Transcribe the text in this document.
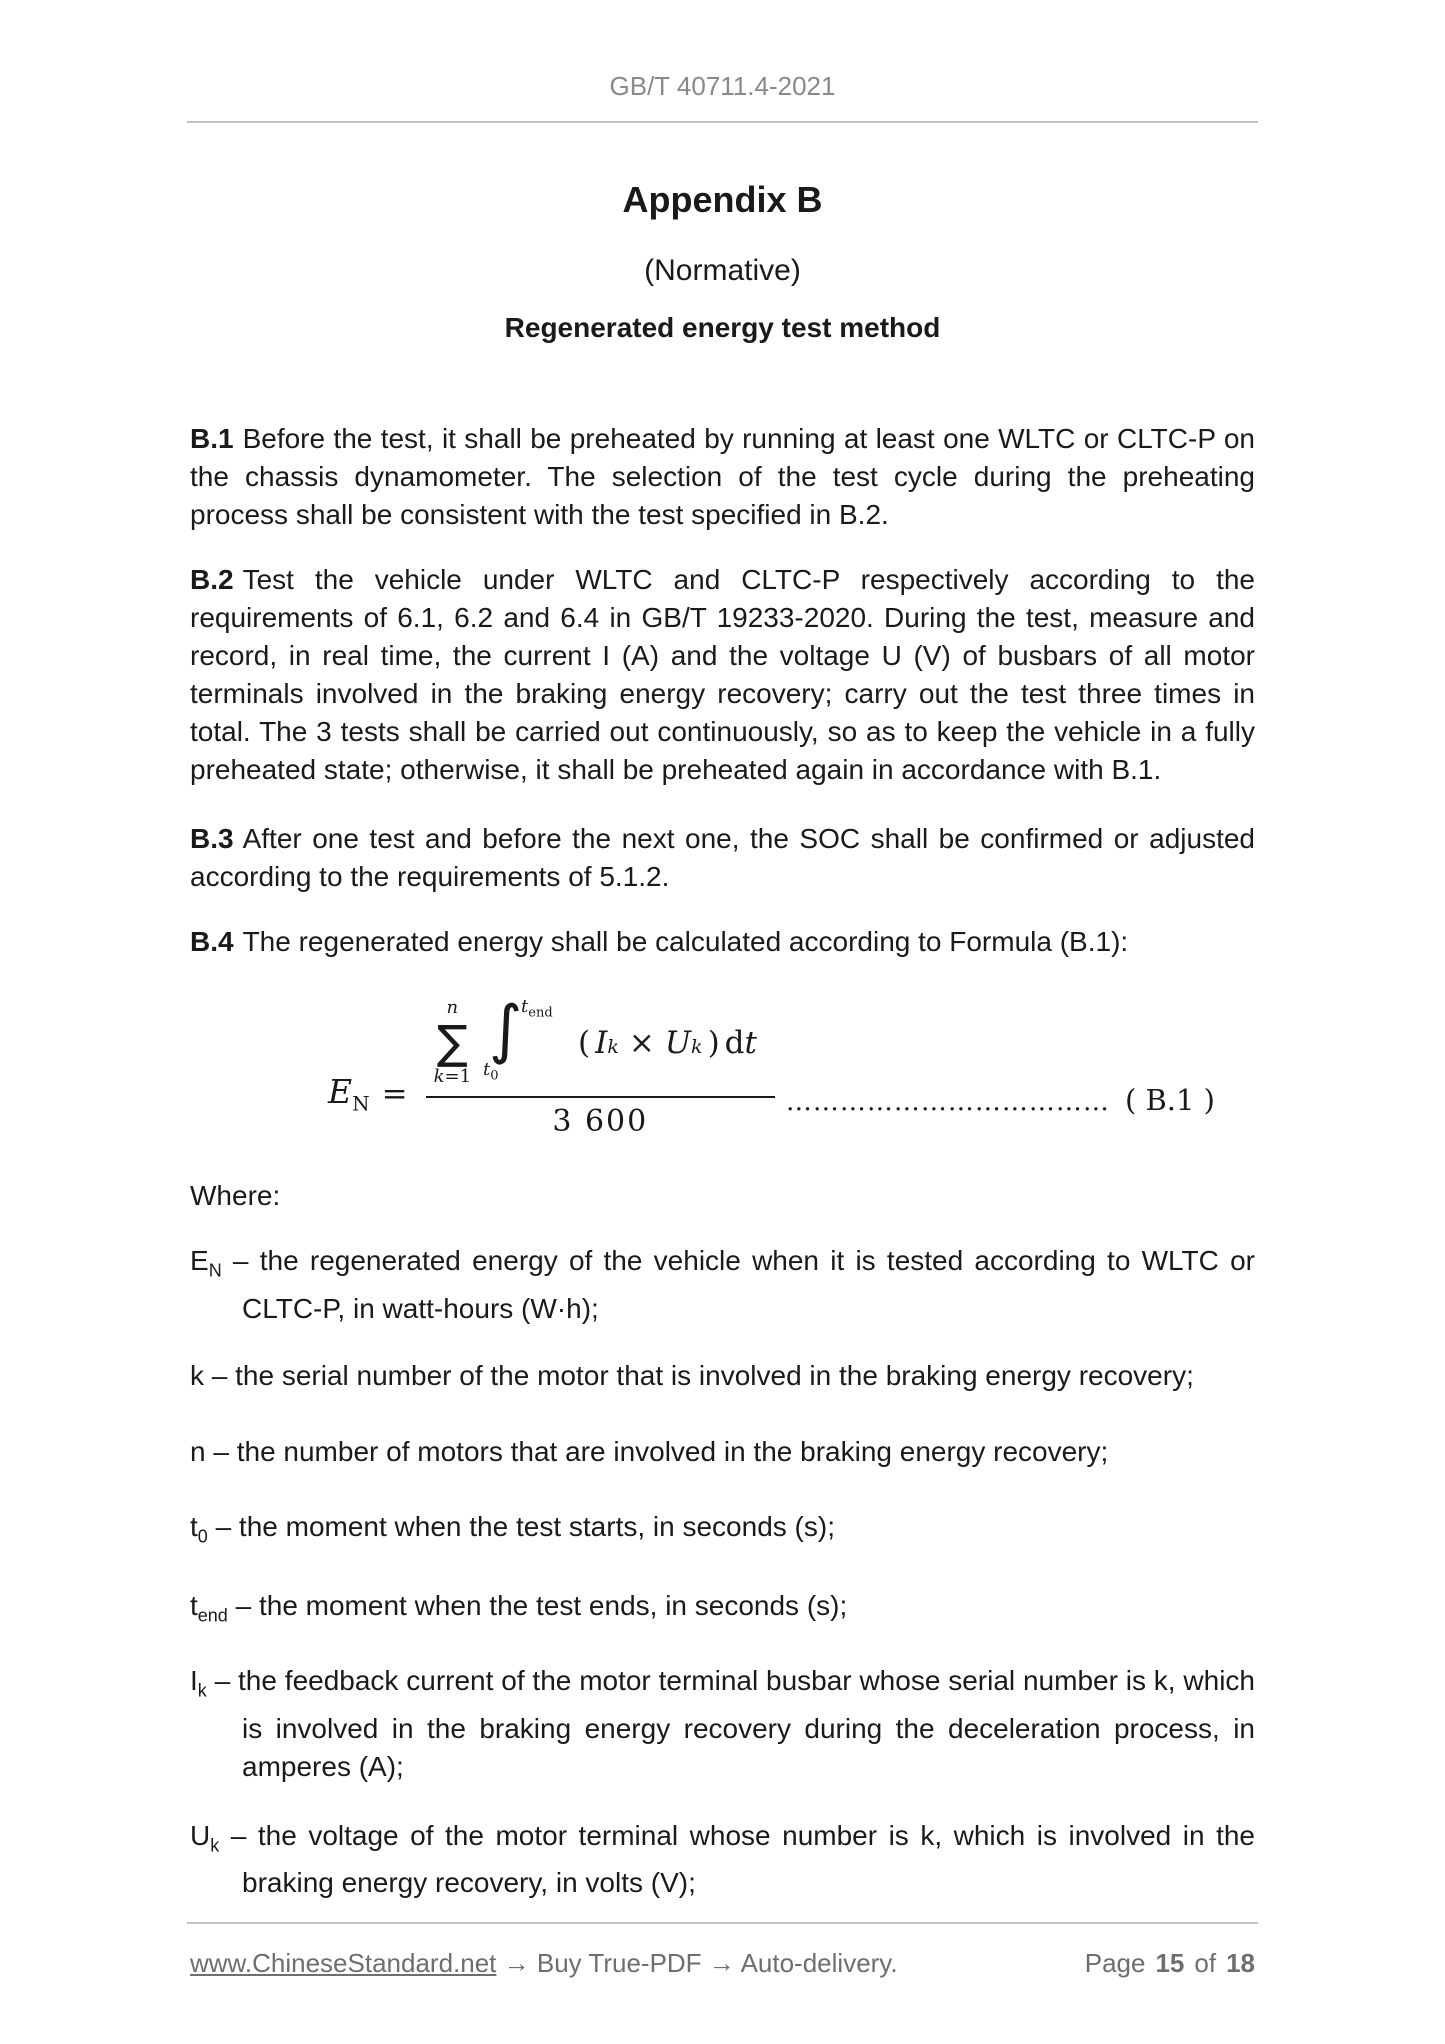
GB/T 40711.4-2021
Appendix B
(Normative)
Regenerated energy test method

B.1 Before the test, it shall be preheated by running at least one WLTC or CLTC-P on the chassis dynamometer. The selection of the test cycle during the preheating process shall be consistent with the test specified in B.2.

B.2 Test the vehicle under WLTC and CLTC-P respectively according to the requirements of 6.1, 6.2 and 6.4 in GB/T 19233-2020. During the test, measure and record, in real time, the current I (A) and the voltage U (V) of busbars of all motor terminals involved in the braking energy recovery; carry out the test three times in total. The 3 tests shall be carried out continuously, so as to keep the vehicle in a fully preheated state; otherwise, it shall be preheated again in accordance with B.1.

B.3 After one test and before the next one, the SOC shall be confirmed or adjusted according to the requirements of 5.1.2.

B.4 The regenerated energy shall be calculated according to Formula (B.1):

$E_N$ =
n
∑
k=1
∫
$t_{end}$
$t_0$
( I k × U k ) d t
3 600
……………………………… ( B.1 )

Where:

$E_N$ – the regenerated energy of the vehicle when it is tested according to WLTC or CLTC-P, in watt-hours (W·h);

k – the serial number of the motor that is involved in the braking energy recovery;

n – the number of motors that are involved in the braking energy recovery;

$t_0$ – the moment when the test starts, in seconds (s);

$t_{end}$ – the moment when the test ends, in seconds (s);

$I_k$ – the feedback current of the motor terminal busbar whose serial number is k, which is involved in the braking energy recovery during the deceleration process, in amperes (A);

$U_k$ – the voltage of the motor terminal whose number is k, which is involved in the braking energy recovery, in volts (V);

www.ChineseStandard.net → Buy True-PDF → Auto-delivery.	Page 15 of 18
